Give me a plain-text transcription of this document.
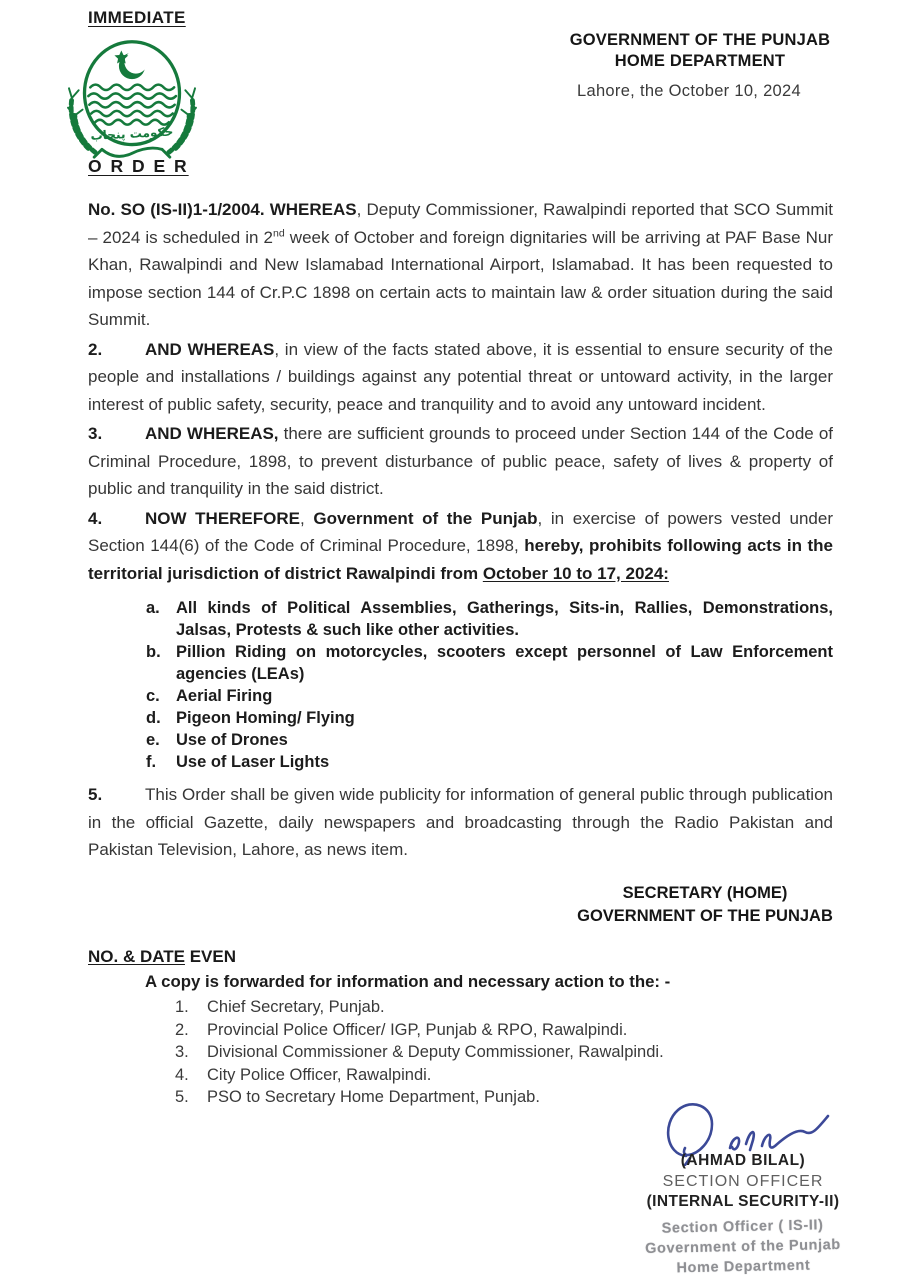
IMMEDIATE
حکومت پنجاب
GOVERNMENT OF THE PUNJAB
HOME DEPARTMENT
Lahore, the October 10, 2024
O R D E R

No. SO (IS-II)1-1/2004. WHEREAS, Deputy Commissioner, Rawalpindi reported that SCO Summit – 2024 is scheduled in 2nd week of October and foreign dignitaries will be arriving at PAF Base Nur Khan, Rawalpindi and New Islamabad International Airport, Islamabad. It has been requested to impose section 144 of Cr.P.C 1898 on certain acts to maintain law & order situation during the said Summit.

2.	AND WHEREAS, in view of the facts stated above, it is essential to ensure security of the people and installations / buildings against any potential threat or untoward activity, in the larger interest of public safety, security, peace and tranquility and to avoid any untoward incident.

3.	AND WHEREAS, there are sufficient grounds to proceed under Section 144 of the Code of Criminal Procedure, 1898, to prevent disturbance of public peace, safety of lives & property of public and tranquility in the said district.

4.	NOW THEREFORE, Government of the Punjab, in exercise of powers vested under Section 144(6) of the Code of Criminal Procedure, 1898, hereby, prohibits following acts in the territorial jurisdiction of district Rawalpindi from October 10 to 17, 2024:

a. All kinds of Political Assemblies, Gatherings, Sits-in, Rallies, Demonstrations, Jalsas, Protests & such like other activities.
b. Pillion Riding on motorcycles, scooters except personnel of Law Enforcement agencies (LEAs)
c. Aerial Firing
d. Pigeon Homing/ Flying
e. Use of Drones
f.	Use of Laser Lights

5.	This Order shall be given wide publicity for information of general public through publication in the official Gazette, daily newspapers and broadcasting through the Radio Pakistan and Pakistan Television, Lahore, as news item.

SECRETARY (HOME)
GOVERNMENT OF THE PUNJAB
NO. & DATE EVEN
A copy is forwarded for information and necessary action to the: -
1.	Chief Secretary, Punjab.
2.	Provincial Police Officer/ IGP, Punjab & RPO, Rawalpindi.
3.	Divisional Commissioner & Deputy Commissioner, Rawalpindi.
4.	City Police Officer, Rawalpindi.
5.	PSO to Secretary Home Department, Punjab.
(AHMAD BILAL)
SECTION OFFICER
(INTERNAL SECURITY-II)
Section Officer ( IS-II)
Government of the Punjab
Home Department
